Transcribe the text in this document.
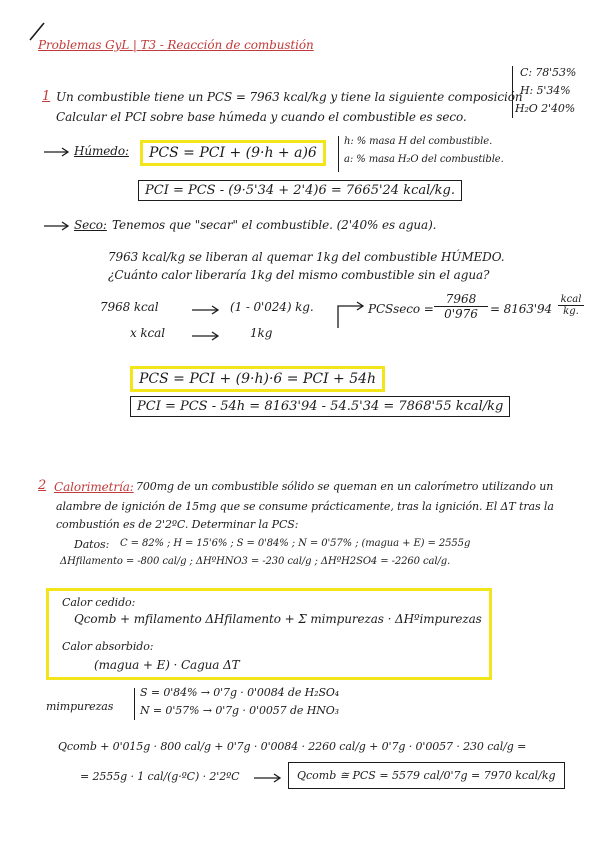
Problemas GyL | T3 - Reacción de combustión
C: 78'53%
H: 5'34%
H₂O 2'40%
1 Un combustible tiene un PCS = 7963 kcal/kg y tiene la siguiente composición
Calcular el PCI sobre base húmeda y cuando el combustible es seco.
Húmedo:	PCS = PCI + (9·h + a)6
h: % masa H del combustible.
a: % masa H₂O del combustible.
PCI = PCS - (9·5'34 + 2'4)6 = 7665'24 kcal/kg.
Seco: Tenemos que "secar" el combustible. (2'40% es agua).
7963 kcal/kg se liberan al quemar 1kg del combustible HÚMEDO.
¿Cuánto calor liberaría 1kg del mismo combustible sin el agua?
7968 kcal	(1 - 0'024) kg.
x kcal	1kg
$PCSseco = \frac{7968}{0'976} = 8163'94$
kcal
kg.
PCS = PCI + (9·h)·6 = PCI + 54h
PCI = PCS - 54h = 8163'94 - 54.5'34 = 7868'55 kcal/kg
2 Calorimetría: 700mg de un combustible sólido se queman en un calorímetro utilizando un
alambre de ignición de 15mg que se consume prácticamente, tras la ignición. El ΔT tras la
combustión es de 2'2ºC. Determinar la PCS:
Datos: C = 82% ; H = 15'6% ; S = 0'84% ; N = 0'57% ; (magua + E) = 2555g
ΔHfilamento = -800 cal/g ; ΔHºHNO3 = -230 cal/g ; ΔHºH2SO4 = -2260 cal/g.
Calor cedido:
Qcomb + mfilamento ΔHfilamento + Σ mimpurezas · ΔHºimpurezas
Calor absorbido:
(magua + E) · Cagua ΔT
mimpurezas
S = 0'84% → 0'7g · 0'0084 de H₂SO₄
N = 0'57% → 0'7g · 0'0057 de HNO₃
Qcomb + 0'015g · 800 cal/g + 0'7g · 0'0084 · 2260 cal/g + 0'7g · 0'0057 · 230 cal/g =
= 2555g · 1 cal/(g·ºC) · 2'2ºC	Qcomb ≅ PCS = 5579 cal/0'7g = 7970 kcal/kg
